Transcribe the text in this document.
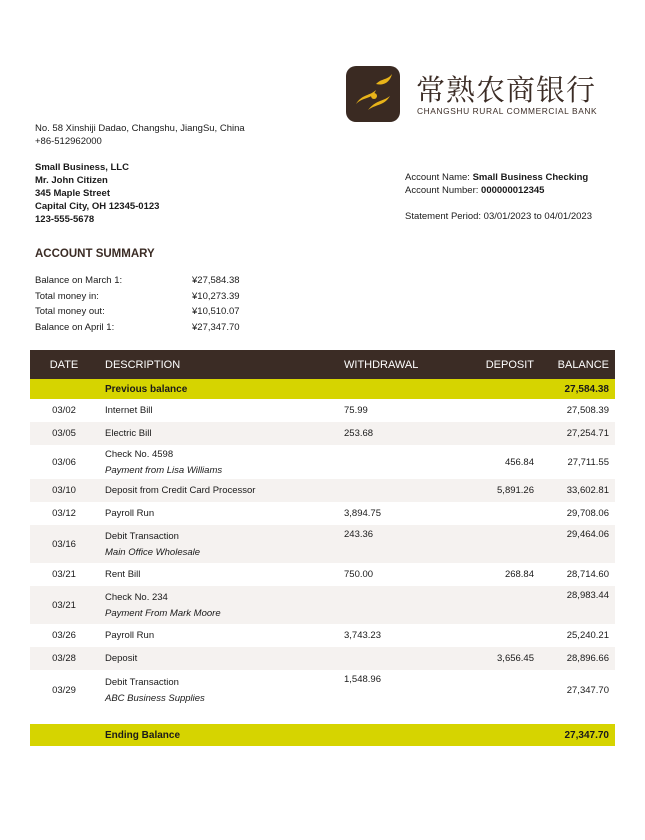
常熟农商银行
CHANGSHU RURAL COMMERCIAL BANK
No. 58 Xinshiji Dadao, Changshu, JiangSu, China
+86-512962000
Small Business, LLC
Mr. John Citizen
345 Maple Street
Capital City, OH 12345-0123
123-555-5678
Account Name: Small Business Checking
Account Number: 000000012345
Statement Period: 03/01/2023 to 04/01/2023
ACCOUNT SUMMARY
Balance on March 1:	¥27,584.38
Total money in:	¥10,273.39
Total money out:	¥10,510.07
Balance on April 1:	¥27,347.70
DATE	DESCRIPTION	WITHDRAWAL	DEPOSIT	BALANCE
	Previous balance			27,584.38
03/02	Internet Bill	75.99		27,508.39
03/05	Electric Bill	253.68		27,254.71
03/06	Check No. 4598
Payment from Lisa Williams		456.84	27,711.55
03/10	Deposit from Credit Card Processor		5,891.26	33,602.81
03/12	Payroll Run	3,894.75		29,708.06
03/16	Debit Transaction
Main Office Wholesale	243.36		29,464.06
03/21	Rent Bill	750.00	268.84	28,714.60
03/21	Check No. 234
Payment From Mark Moore			28,983.44
03/26	Payroll Run	3,743.23		25,240.21
03/28	Deposit		3,656.45	28,896.66
03/29	Debit Transaction
ABC Business Supplies	1,548.96		27,347.70

	Ending Balance			27,347.70
